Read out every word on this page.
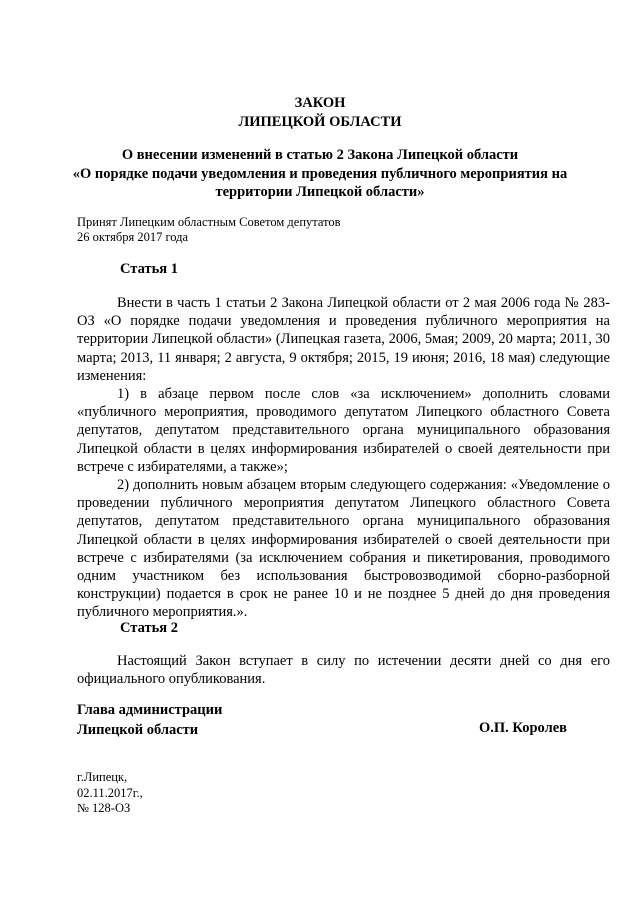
ЗАКОН
ЛИПЕЦКОЙ ОБЛАСТИ
О внесении изменений в статью 2 Закона Липецкой области
«О порядке подачи уведомления и проведения публичного мероприятия на
территории Липецкой области»
Принят Липецким областным Советом депутатов
26 октября 2017 года
Статья 1

Внести в часть 1 статьи 2 Закона Липецкой области от 2 мая 2006 года № 283-ОЗ «О порядке подачи уведомления и проведения публичного мероприятия на территории Липецкой области» (Липецкая газета, 2006, 5мая; 2009, 20 марта; 2011, 30 марта; 2013, 11 января; 2 августа, 9 октября; 2015, 19 июня; 2016, 18 мая) следующие изменения:

1) в абзаце первом после слов «за исключением» дополнить словами «публичного мероприятия, проводимого депутатом Липецкого областного Совета депутатов, депутатом представительного органа муниципального образования Липецкой области в целях информирования избирателей о своей деятельности при встрече с избирателями, а также»;

2) дополнить новым абзацем вторым следующего содержания: «Уведомление о проведении публичного мероприятия депутатом Липецкого областного Совета депутатов, депутатом представительного органа муниципального образования Липецкой области в целях информирования избирателей о своей деятельности при встрече с избирателями (за исключением собрания и пикетирования, проводимого одним участником без использования быстровозводимой сборно-разборной конструкции) подается в срок не ранее 10 и не позднее 5 дней до дня проведения публичного мероприятия.».

Статья 2

Настоящий Закон вступает в силу по истечении десяти дней со дня его официального опубликования.

Глава администрации
Липецкой области	О.П. Королев
г.Липецк,
02.11.2017г.,
№ 128-ОЗ
